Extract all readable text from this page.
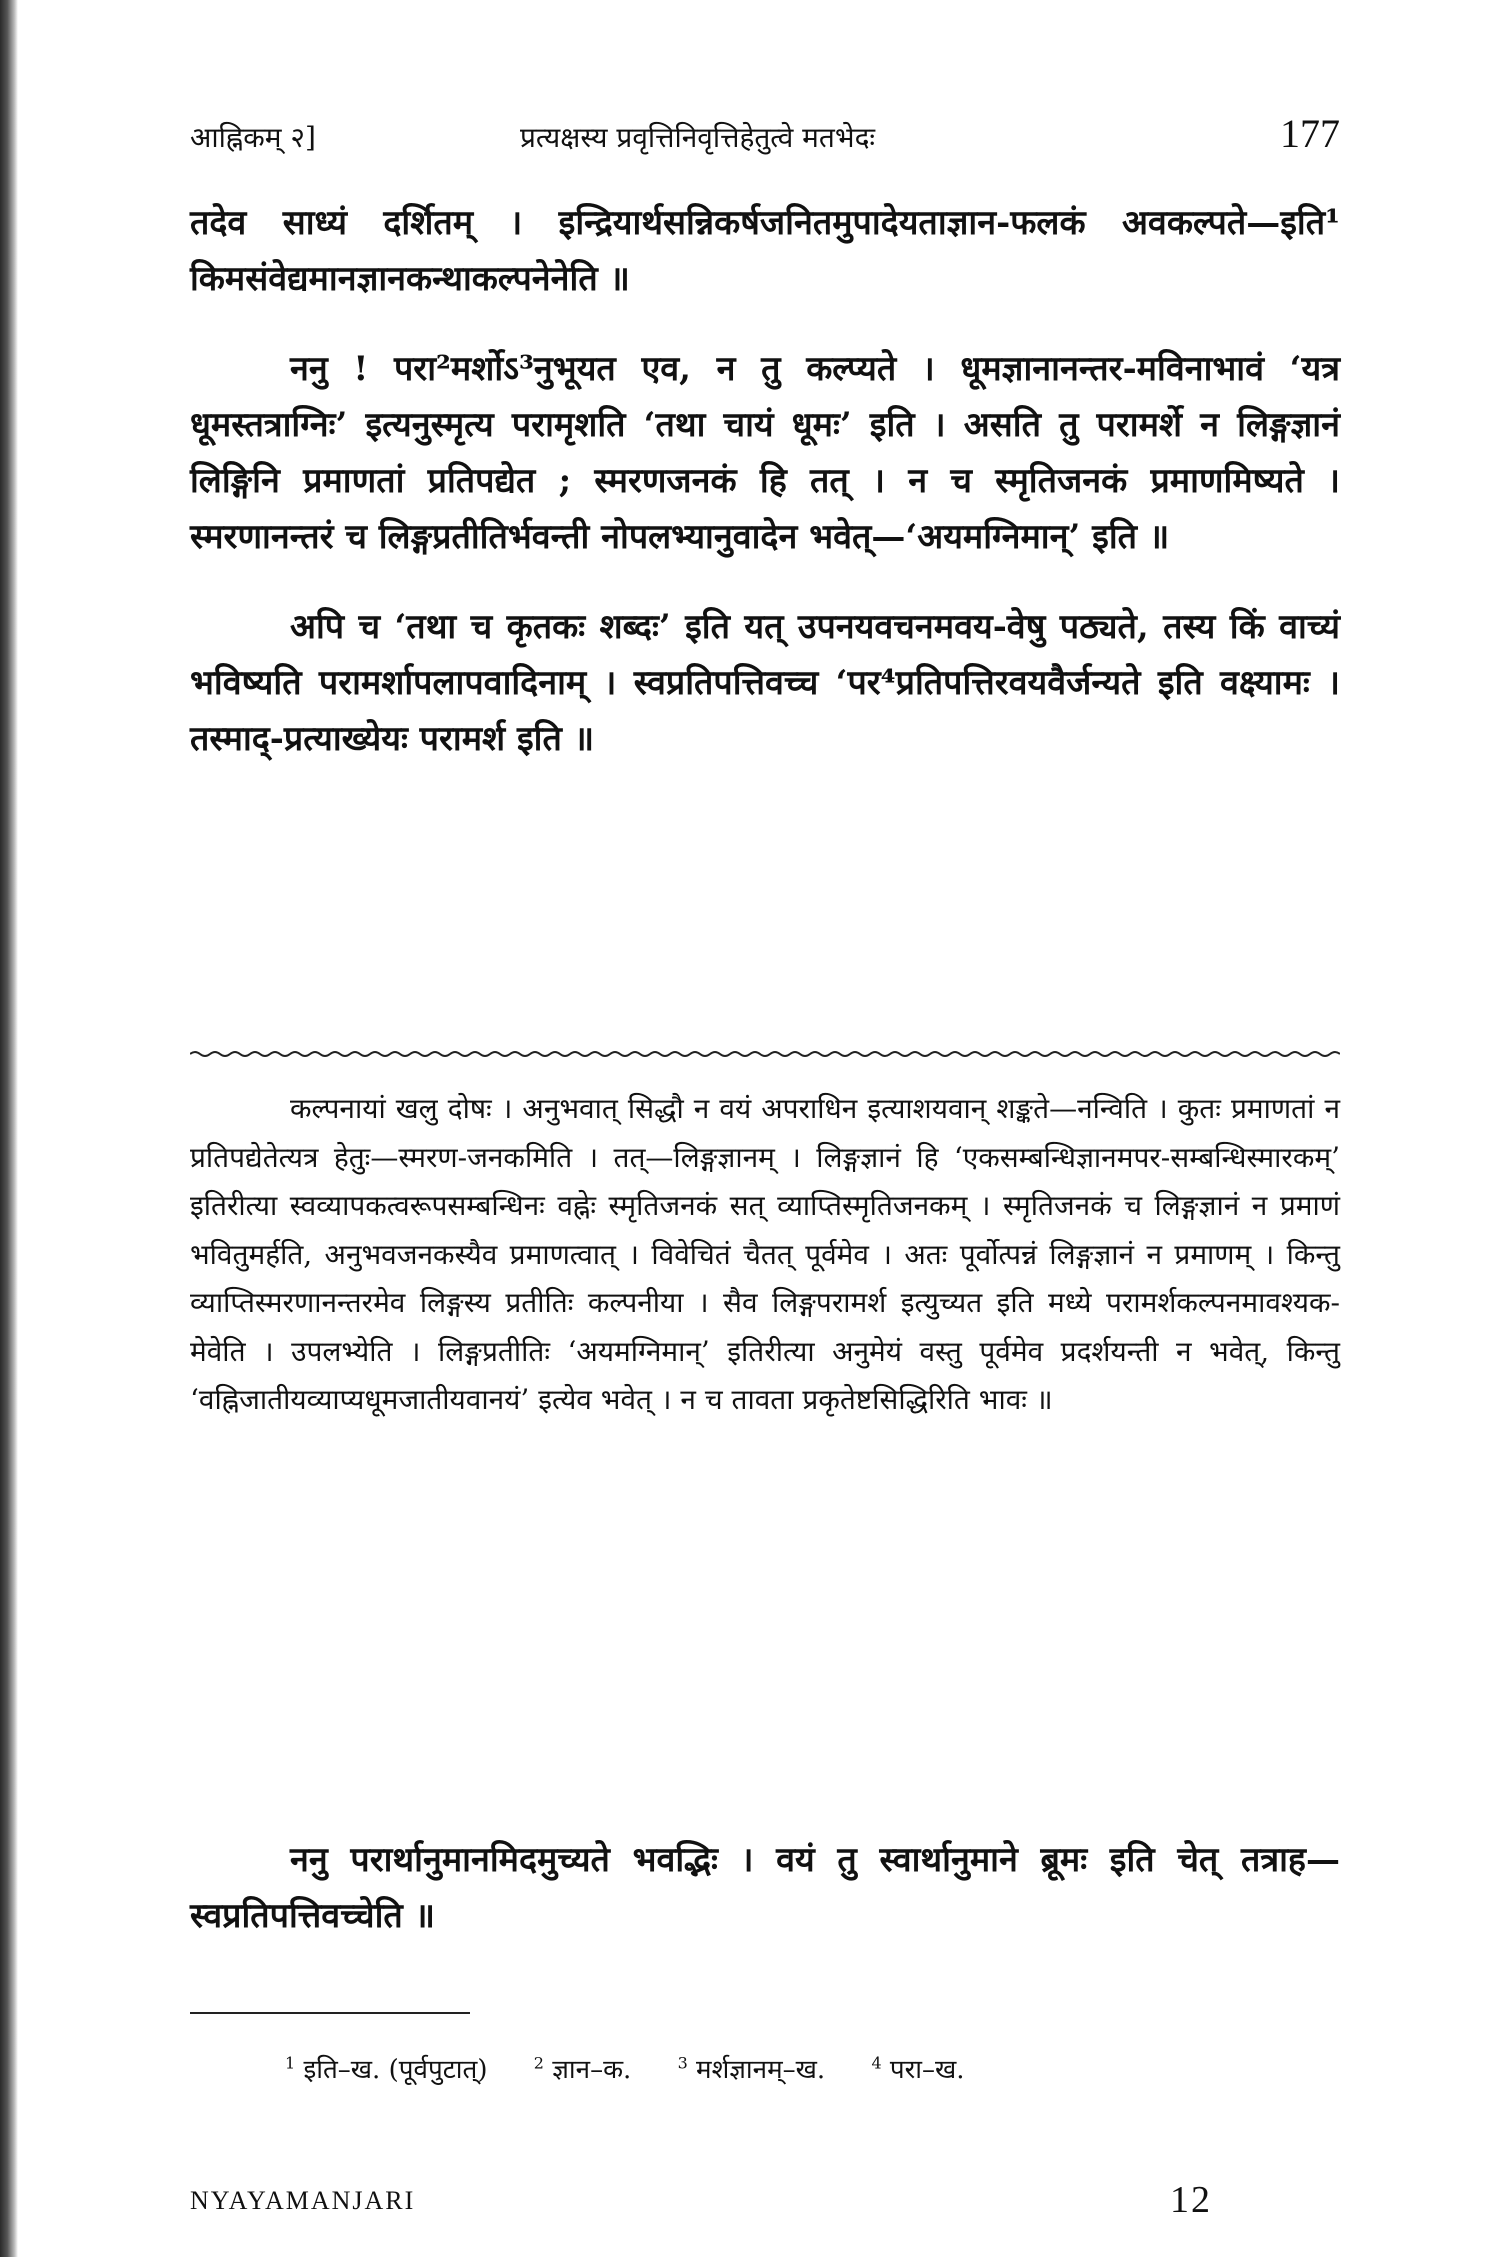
आह्निकम् २]	प्रत्यक्षस्य प्रवृत्तिनिवृत्तिहेतुत्वे मतभेदः	177

तदेव साध्यं दर्शितम् । इन्द्रियार्थसन्निकर्षजनितमुपादेयताज्ञान-फलकं अवकल्पते—इति¹ किमसंवेद्यमानज्ञानकन्थाकल्पनेनेति ॥

ननु ! परा²मर्शोऽ³नुभूयत एव, न तु कल्प्यते । धूमज्ञानानन्तर-मविनाभावं ‘यत्र धूमस्तत्राग्निः’ इत्यनुस्मृत्य परामृशति ‘तथा चायं धूमः’ इति । असति तु परामर्शे न लिङ्गज्ञानं लिङ्गिनि प्रमाणतां प्रतिपद्येत ; स्मरणजनकं हि तत् । न च स्मृतिजनकं प्रमाणमिष्यते । स्मरणानन्तरं च लिङ्गप्रतीतिर्भवन्ती नोपलभ्यानुवादेन भवेत्—‘अयमग्निमान्’ इति ॥

अपि च ‘तथा च कृतकः शब्दः’ इति यत् उपनयवचनमवय-वेषु पठ्यते, तस्य किं वाच्यं भविष्यति परामर्शापलापवादिनाम् । स्वप्रतिपत्तिवच्च ‘पर⁴प्रतिपत्तिरवयवैर्जन्यते इति वक्ष्यामः । तस्माद्-प्रत्याख्येयः परामर्श इति ॥

कल्पनायां खलु दोषः । अनुभवात् सिद्धौ न वयं अपराधिन इत्याशयवान् शङ्कते—नन्विति । कुतः प्रमाणतां न प्रतिपद्येतेत्यत्र हेतुः—स्मरण-जनकमिति । तत्—लिङ्गज्ञानम् । लिङ्गज्ञानं हि ‘एकसम्बन्धिज्ञानमपर-सम्बन्धिस्मारकम्’ इतिरीत्या स्वव्यापकत्वरूपसम्बन्धिनः वह्नेः स्मृतिजनकं सत् व्याप्तिस्मृतिजनकम् । स्मृतिजनकं च लिङ्गज्ञानं न प्रमाणं भवितुमर्हति, अनुभवजनकस्यैव प्रमाणत्वात् । विवेचितं चैतत् पूर्वमेव । अतः पूर्वोत्पन्नं लिङ्गज्ञानं न प्रमाणम् । किन्तु व्याप्तिस्मरणानन्तरमेव लिङ्गस्य प्रतीतिः कल्पनीया । सैव लिङ्गपरामर्श इत्युच्यत इति मध्ये परामर्शकल्पनमावश्यक-मेवेति । उपलभ्येति । लिङ्गप्रतीतिः ‘अयमग्निमान्’ इतिरीत्या अनुमेयं वस्तु पूर्वमेव प्रदर्शयन्ती न भवेत्, किन्तु ‘वह्निजातीयव्याप्यधूमजातीयवानयं’ इत्येव भवेत् । न च तावता प्रकृतेष्टसिद्धिरिति भावः ॥

ननु परार्थानुमानमिदमुच्यते भवद्भिः । वयं तु स्वार्थानुमाने ब्रूमः इति चेत् तत्राह—स्वप्रतिपत्तिवच्चेति ॥

$^1$ इति–ख. (पूर्वपुटात्)	$^2$ ज्ञान–क.	$^3$ मर्शज्ञानम्–ख.	$^4$ परा–ख.
NYAYAMANJARI	12
